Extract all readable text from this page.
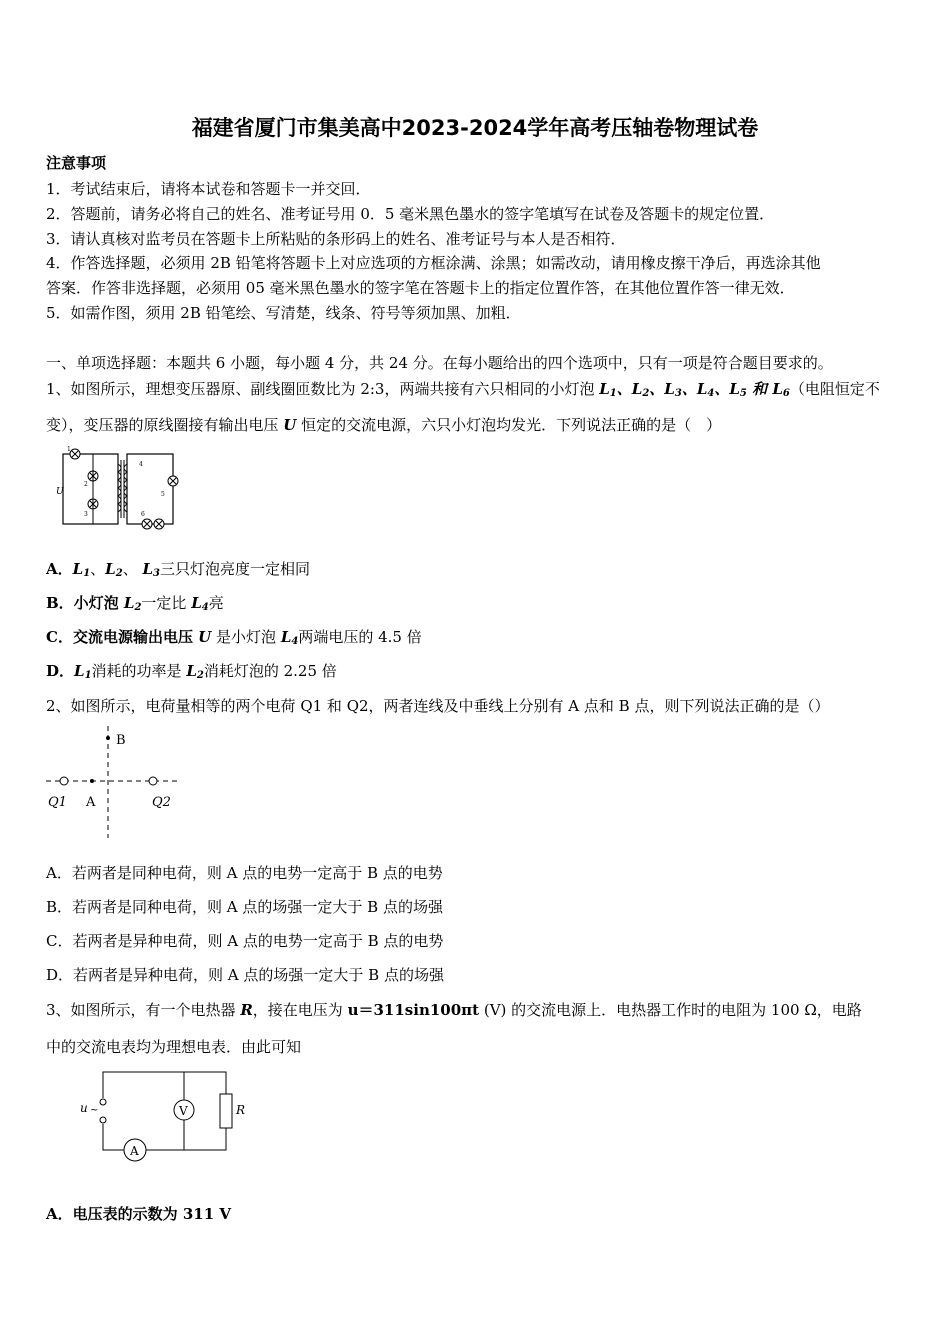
福建省厦门市集美高中2023-2024学年高考压轴卷物理试卷
注意事项
1．考试结束后，请将本试卷和答题卡一并交回．
2．答题前，请务必将自己的姓名、准考证号用 0．5 毫米黑色墨水的签字笔填写在试卷及答题卡的规定位置．
3．请认真核对监考员在答题卡上所粘贴的条形码上的姓名、准考证号与本人是否相符．
4．作答选择题，必须用 2B 铅笔将答题卡上对应选项的方框涂满、涂黑；如需改动，请用橡皮擦干净后，再选涂其他
答案．作答非选择题，必须用 05 毫米黑色墨水的签字笔在答题卡上的指定位置作答，在其他位置作答一律无效．
5．如需作图，须用 2B 铅笔绘、写清楚，线条、符号等须加黑、加粗．
一、单项选择题：本题共 6 小题，每小题 4 分，共 24 分。在每小题给出的四个选项中，只有一项是符合题目要求的。
1、如图所示，理想变压器原、副线圈匝数比为 2:3，两端共接有六只相同的小灯泡 $L_1$、$L_2$、$L_3$、$L_4$、$L_5$ 和 $L_6$（电阻恒定不
变），变压器的原线圈接有输出电压 U 恒定的交流电源，六只小灯泡均发光．下列说法正确的是（　）
U
1
2
3
4
5
6
A．$L_1$、$L_2$、 $L_3$三只灯泡亮度一定相同
B．小灯泡 $L_2$一定比 $L_4$亮
C．交流电源输出电压 U 是小灯泡 $L_4$两端电压的 4.5 倍
D．$L_1$消耗的功率是 $L_2$消耗灯泡的 2.25 倍
2、如图所示，电荷量相等的两个电荷 Q1 和 Q2，两者连线及中垂线上分别有 A 点和 B 点，则下列说法正确的是（）
B
A
Q1	Q2
A．若两者是同种电荷，则 A 点的电势一定高于 B 点的电势
B．若两者是同种电荷，则 A 点的场强一定大于 B 点的场强
C．若两者是异种电荷，则 A 点的电势一定高于 B 点的电势
D．若两者是异种电荷，则 A 点的场强一定大于 B 点的场强
3、如图所示，有一个电热器 R，接在电压为 u＝311sin100πt (V) 的交流电源上．电热器工作时的电阻为 100 Ω，电路
中的交流电表均为理想电表．由此可知
u ~	V
A
R
A．电压表的示数为 311 V
